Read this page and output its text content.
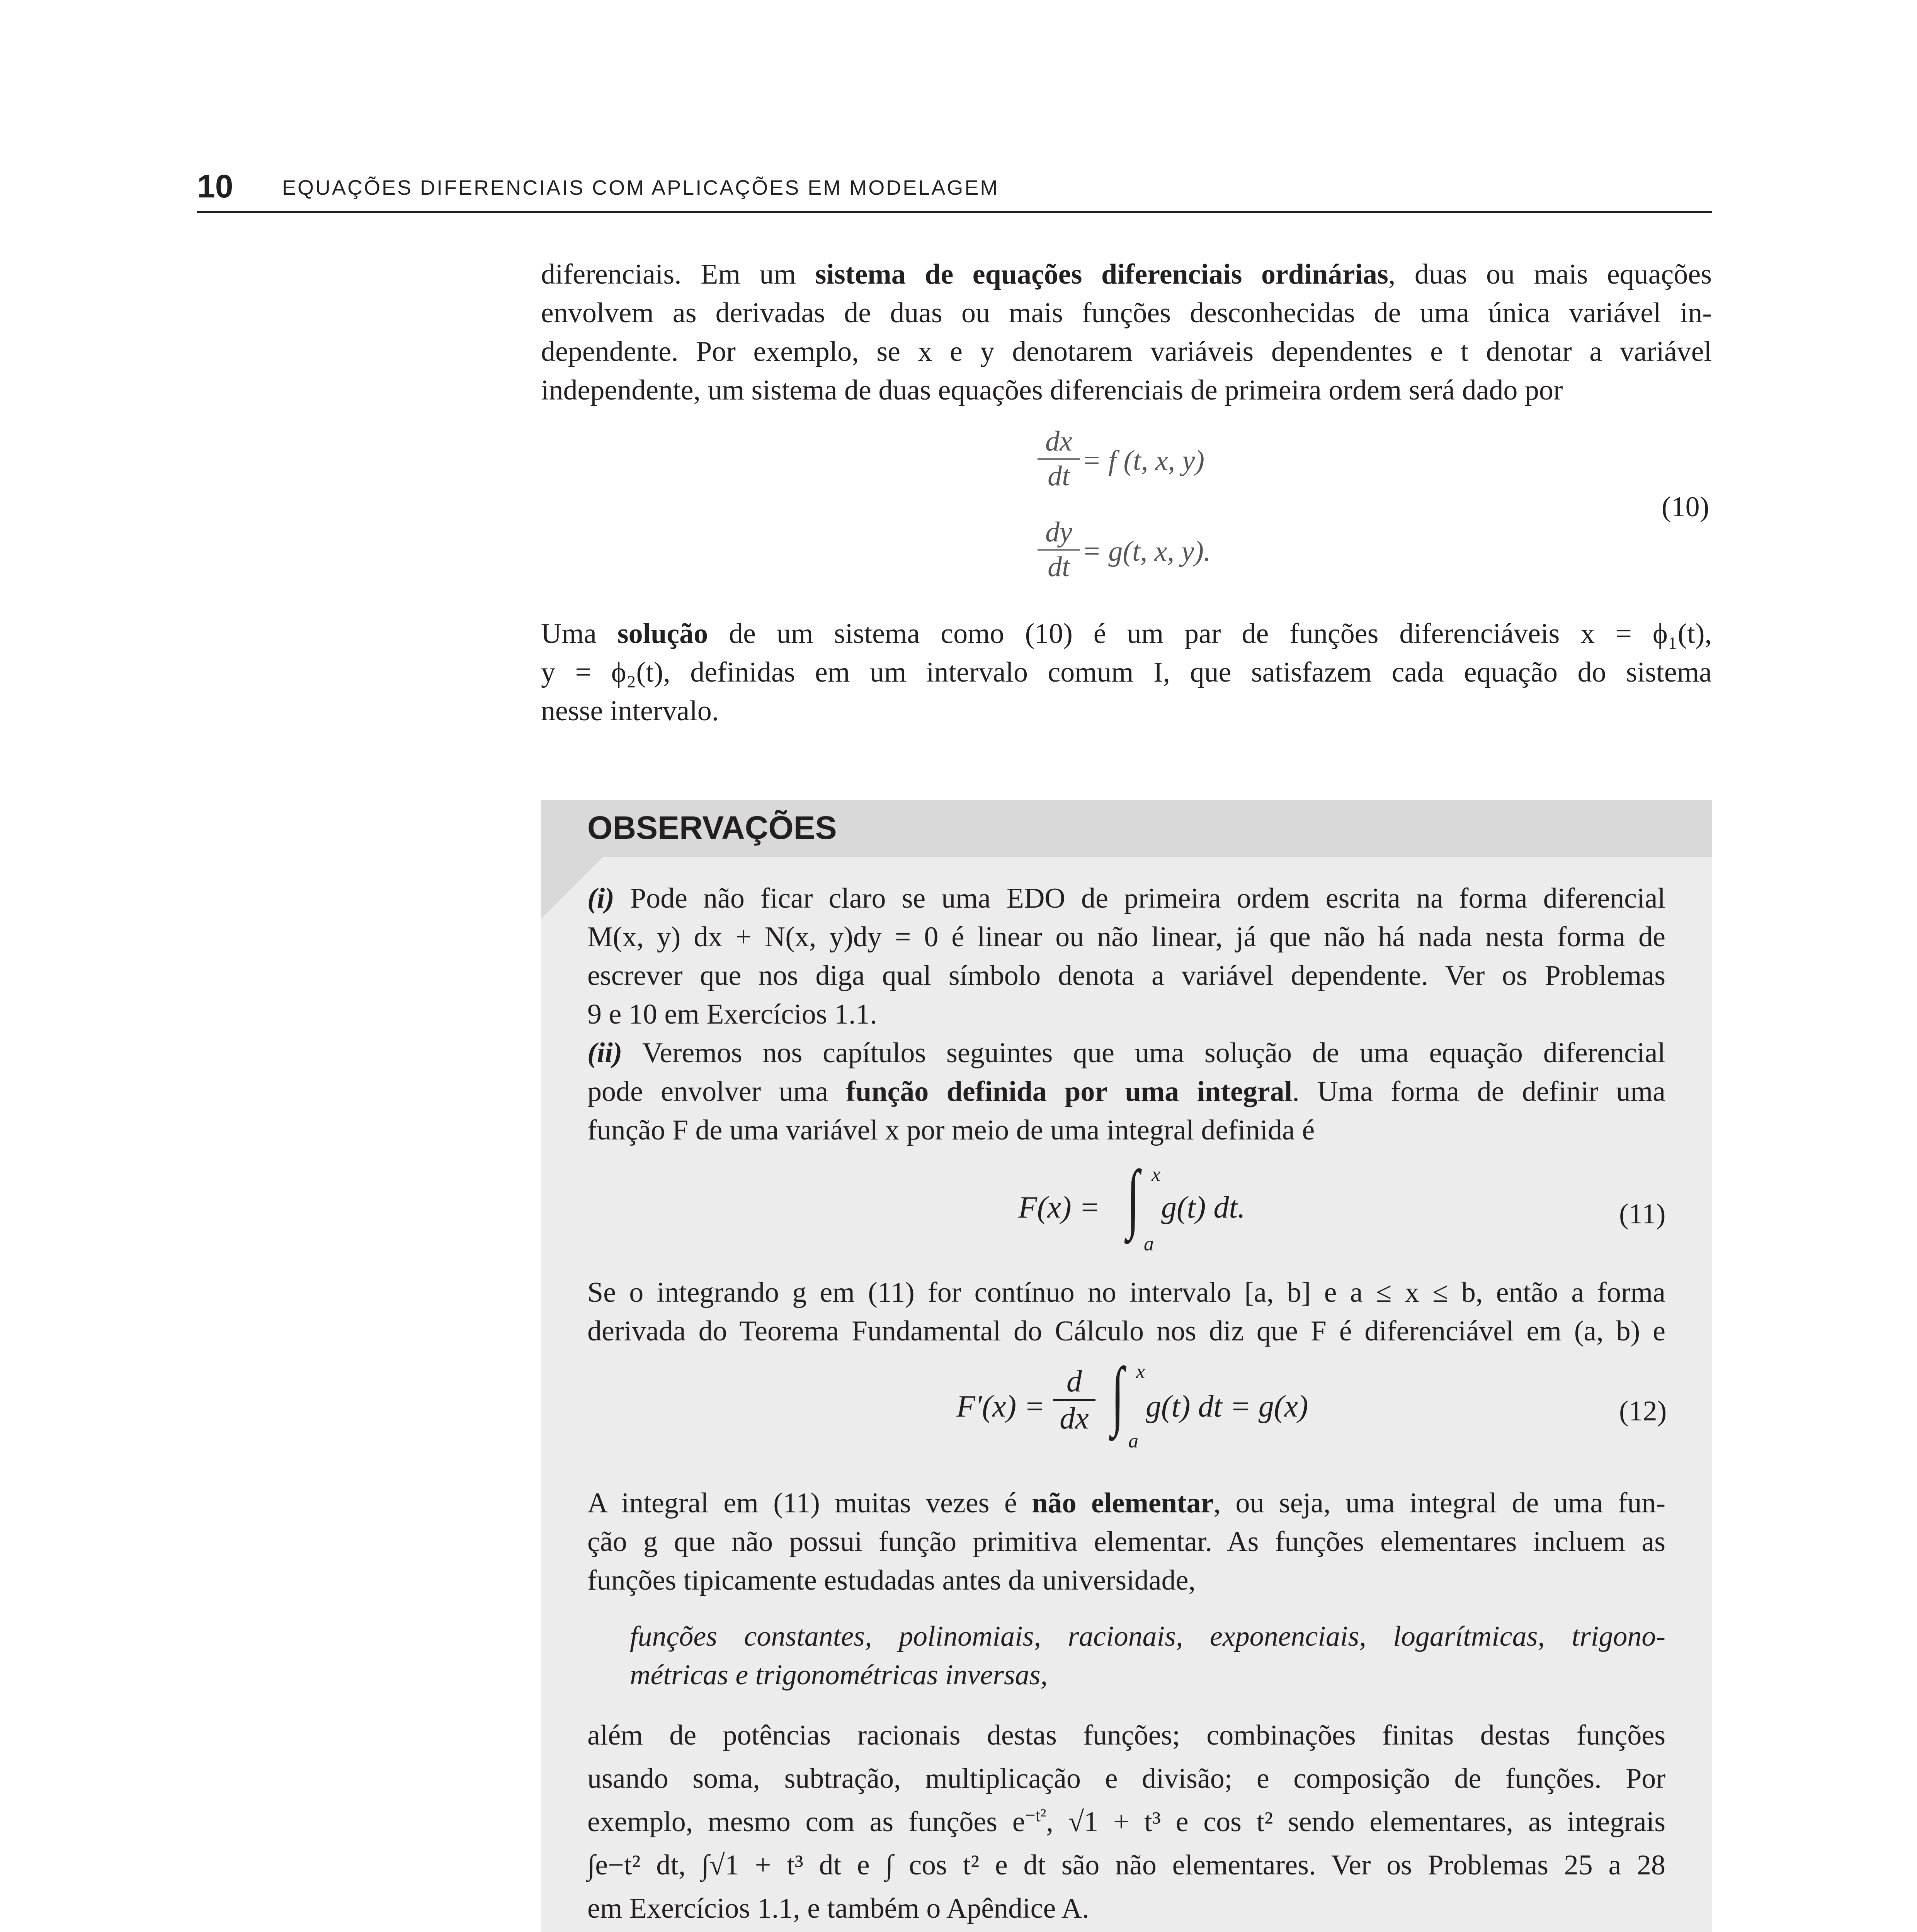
10 EQUAÇÕES DIFERENCIAIS COM APLICAÇÕES EM MODELAGEM
diferenciais. Em um sistema de equações diferenciais ordinárias, duas ou mais equações
envolvem as derivadas de duas ou mais funções desconhecidas de uma única variável in-
dependente. Por exemplo, se x e y denotarem variáveis dependentes e t denotar a variável
independente, um sistema de duas equações diferenciais de primeira ordem será dado por
$\frac{dx}{dt} = f$ (t, x, y)
$\frac{dy}{dt} = g(t$, x, y).
(10)
Uma solução de um sistema como (10) é um par de funções diferenciáveis x = ϕ₁(t),
y = ϕ₂(t), definidas em um intervalo comum I, que satisfazem cada equação do sistema
nesse intervalo.
OBSERVAÇÕES
(i) Pode não ficar claro se uma EDO de primeira ordem escrita na forma diferencial
M(x, y) dx + N(x, y)dy = 0 é linear ou não linear, já que não há nada nesta forma de
escrever que nos diga qual símbolo denota a variável dependente. Ver os Problemas
9 e 10 em Exercícios 1.1.
(ii) Veremos nos capítulos seguintes que uma solução de uma equação diferencial
pode envolver uma função definida por uma integral. Uma forma de definir uma
função F de uma variável x por meio de uma integral definida é
F(x) = ∫ x
a
g(t) dt.	(11)
Se o integrando g em (11) for contínuo no intervalo [a, b] e a ≤ x ≤ b, então a forma
derivada do Teorema Fundamental do Cálculo nos diz que F é diferenciável em (a, b) e
$F'(x) = \frac{d}{dx}$ ∫ x
a
g(t) dt = g(x)	(12)
A integral em (11) muitas vezes é não elementar, ou seja, uma integral de uma fun-
ção g que não possui função primitiva elementar. As funções elementares incluem as
funções tipicamente estudadas antes da universidade,
funções constantes, polinomiais, racionais, exponenciais, logarítmicas, trigono-
métricas e trigonométricas inversas,
além de potências racionais destas funções; combinações finitas destas funções
usando soma, subtração, multiplicação e divisão; e composição de funções. Por
exemplo, mesmo com as funções $e^{-t^2}$, √1 + t³ e cos t² sendo elementares, as integrais
∫e−t² dt, ∫√1 + t³ dt e ∫ cos t² e dt são não elementares. Ver os Problemas 25 a 28
em Exercícios 1.1, e também o Apêndice A.
